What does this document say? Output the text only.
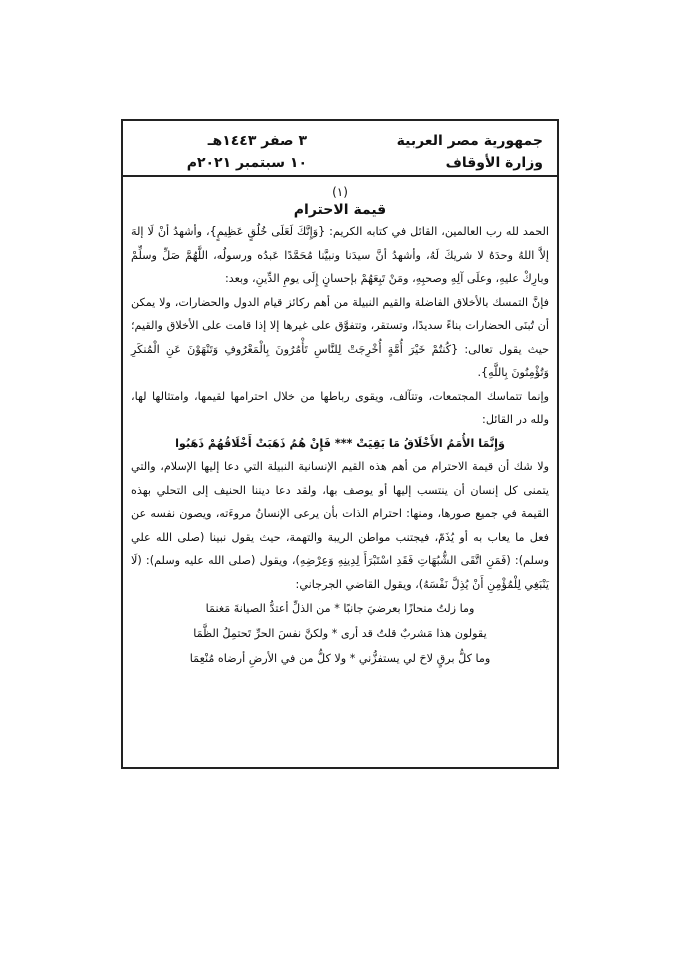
جمهورية مصر العربية
وزارة الأوقاف
٣ صفر ١٤٤٣هـ
١٠ سبتمبر ٢٠٢١م
(١)
قيمة الاحترام

الحمد لله رب العالمين، القائل في كتابه الكريم: {وَإِنَّكَ لَعَلَى خُلُقٍ عَظِيمٍ}، وأشهدُ أنْ لَا إلهَ إلاَّ اللهُ وحدَهُ لا شريكَ لَهُ، وأشهدُ أنَّ سيدَنا ونبيَّنا مُحَمَّدًا عَبدُه ورسولُه، اللَّهُمَّ صَلِّ وسلِّمْ وبارِكْ عليهِ، وعلَى آلِهِ وصحبِهِ، ومَنْ تَبِعَهُمْ بإحسانٍ إِلَى يومِ الدِّينِ، وبعد:

فإنَّ التمسك بالأخلاق الفاضلة والقيم النبيلة من أهم ركائز قيام الدول والحضارات، ولا يمكن أن تُبنَى الحضارات بناءً سديدًا، وتستقر، وتتفوَّق على غيرها إلا إذا قامت على الأخلاق والقيم؛ حيث يقول تعالى: {كُنتُمْ خَيْرَ أُمَّةٍ أُخْرِجَتْ لِلنَّاسِ تَأْمُرُونَ بِالْمَعْرُوفِ وَتَنْهَوْنَ عَنِ الْمُنكَرِ وَتُؤْمِنُونَ بِاللَّهِ}.

وإنما تتماسك المجتمعات، وتتآلف، ويقوى رباطها من خلال احترامها لقيمها، وامتثالها لها، ولله در القائل:

وَإِنَّمَا الأُمَمُ الأَخْلَاقُ مَا بَقِيَتْ *** فَإِنْ هُمُ ذَهَبَتْ أَخْلَاقُهُمْ ذَهَبُوا

ولا شك أن قيمة الاحترام من أهم هذه القيم الإنسانية النبيلة التي دعا إليها الإسلام، والتي يتمنى كل إنسان أن ينتسب إليها أو يوصف بها، ولقد دعا ديننا الحنيف إلى التحلي بهذه القيمة في جميع صورها، ومنها: احترام الذات بأن يرعى الإنسانُ مروءَته، ويصون نفسه عن فعل ما يعاب به أو يُذَمّ، فيجتنب مواطن الريبة والتهمة، حيث يقول نبينا (صلى الله علي وسلم): (فَمَنِ اتَّقَى الشُّبُهَاتِ فَقَدِ اسْتَبْرَأَ لِدِينِهِ وَعِرْضِهِ)، ويقول (صلى الله عليه وسلم): (لَا يَنْبَغِي لِلْمُؤْمِنِ أَنْ يُذِلَّ نَفْسَهُ)، ويقول القاضي الجرجاني:

وما زلتُ منحازًا بعرضيَ جانبًا * من الذلِّ أعتدُّ الصيانةَ مَغنمَا

يقولون هذا مَشربٌ قلتُ قد أرى * ولكنَّ نفسَ الحرِّ تَحتمِلُ الظَّمَا

وما كلُّ برقٍ لاحَ لي يستفزُّني * ولا كلُّ من في الأرضِ أرضاه مُنْعِمَا
